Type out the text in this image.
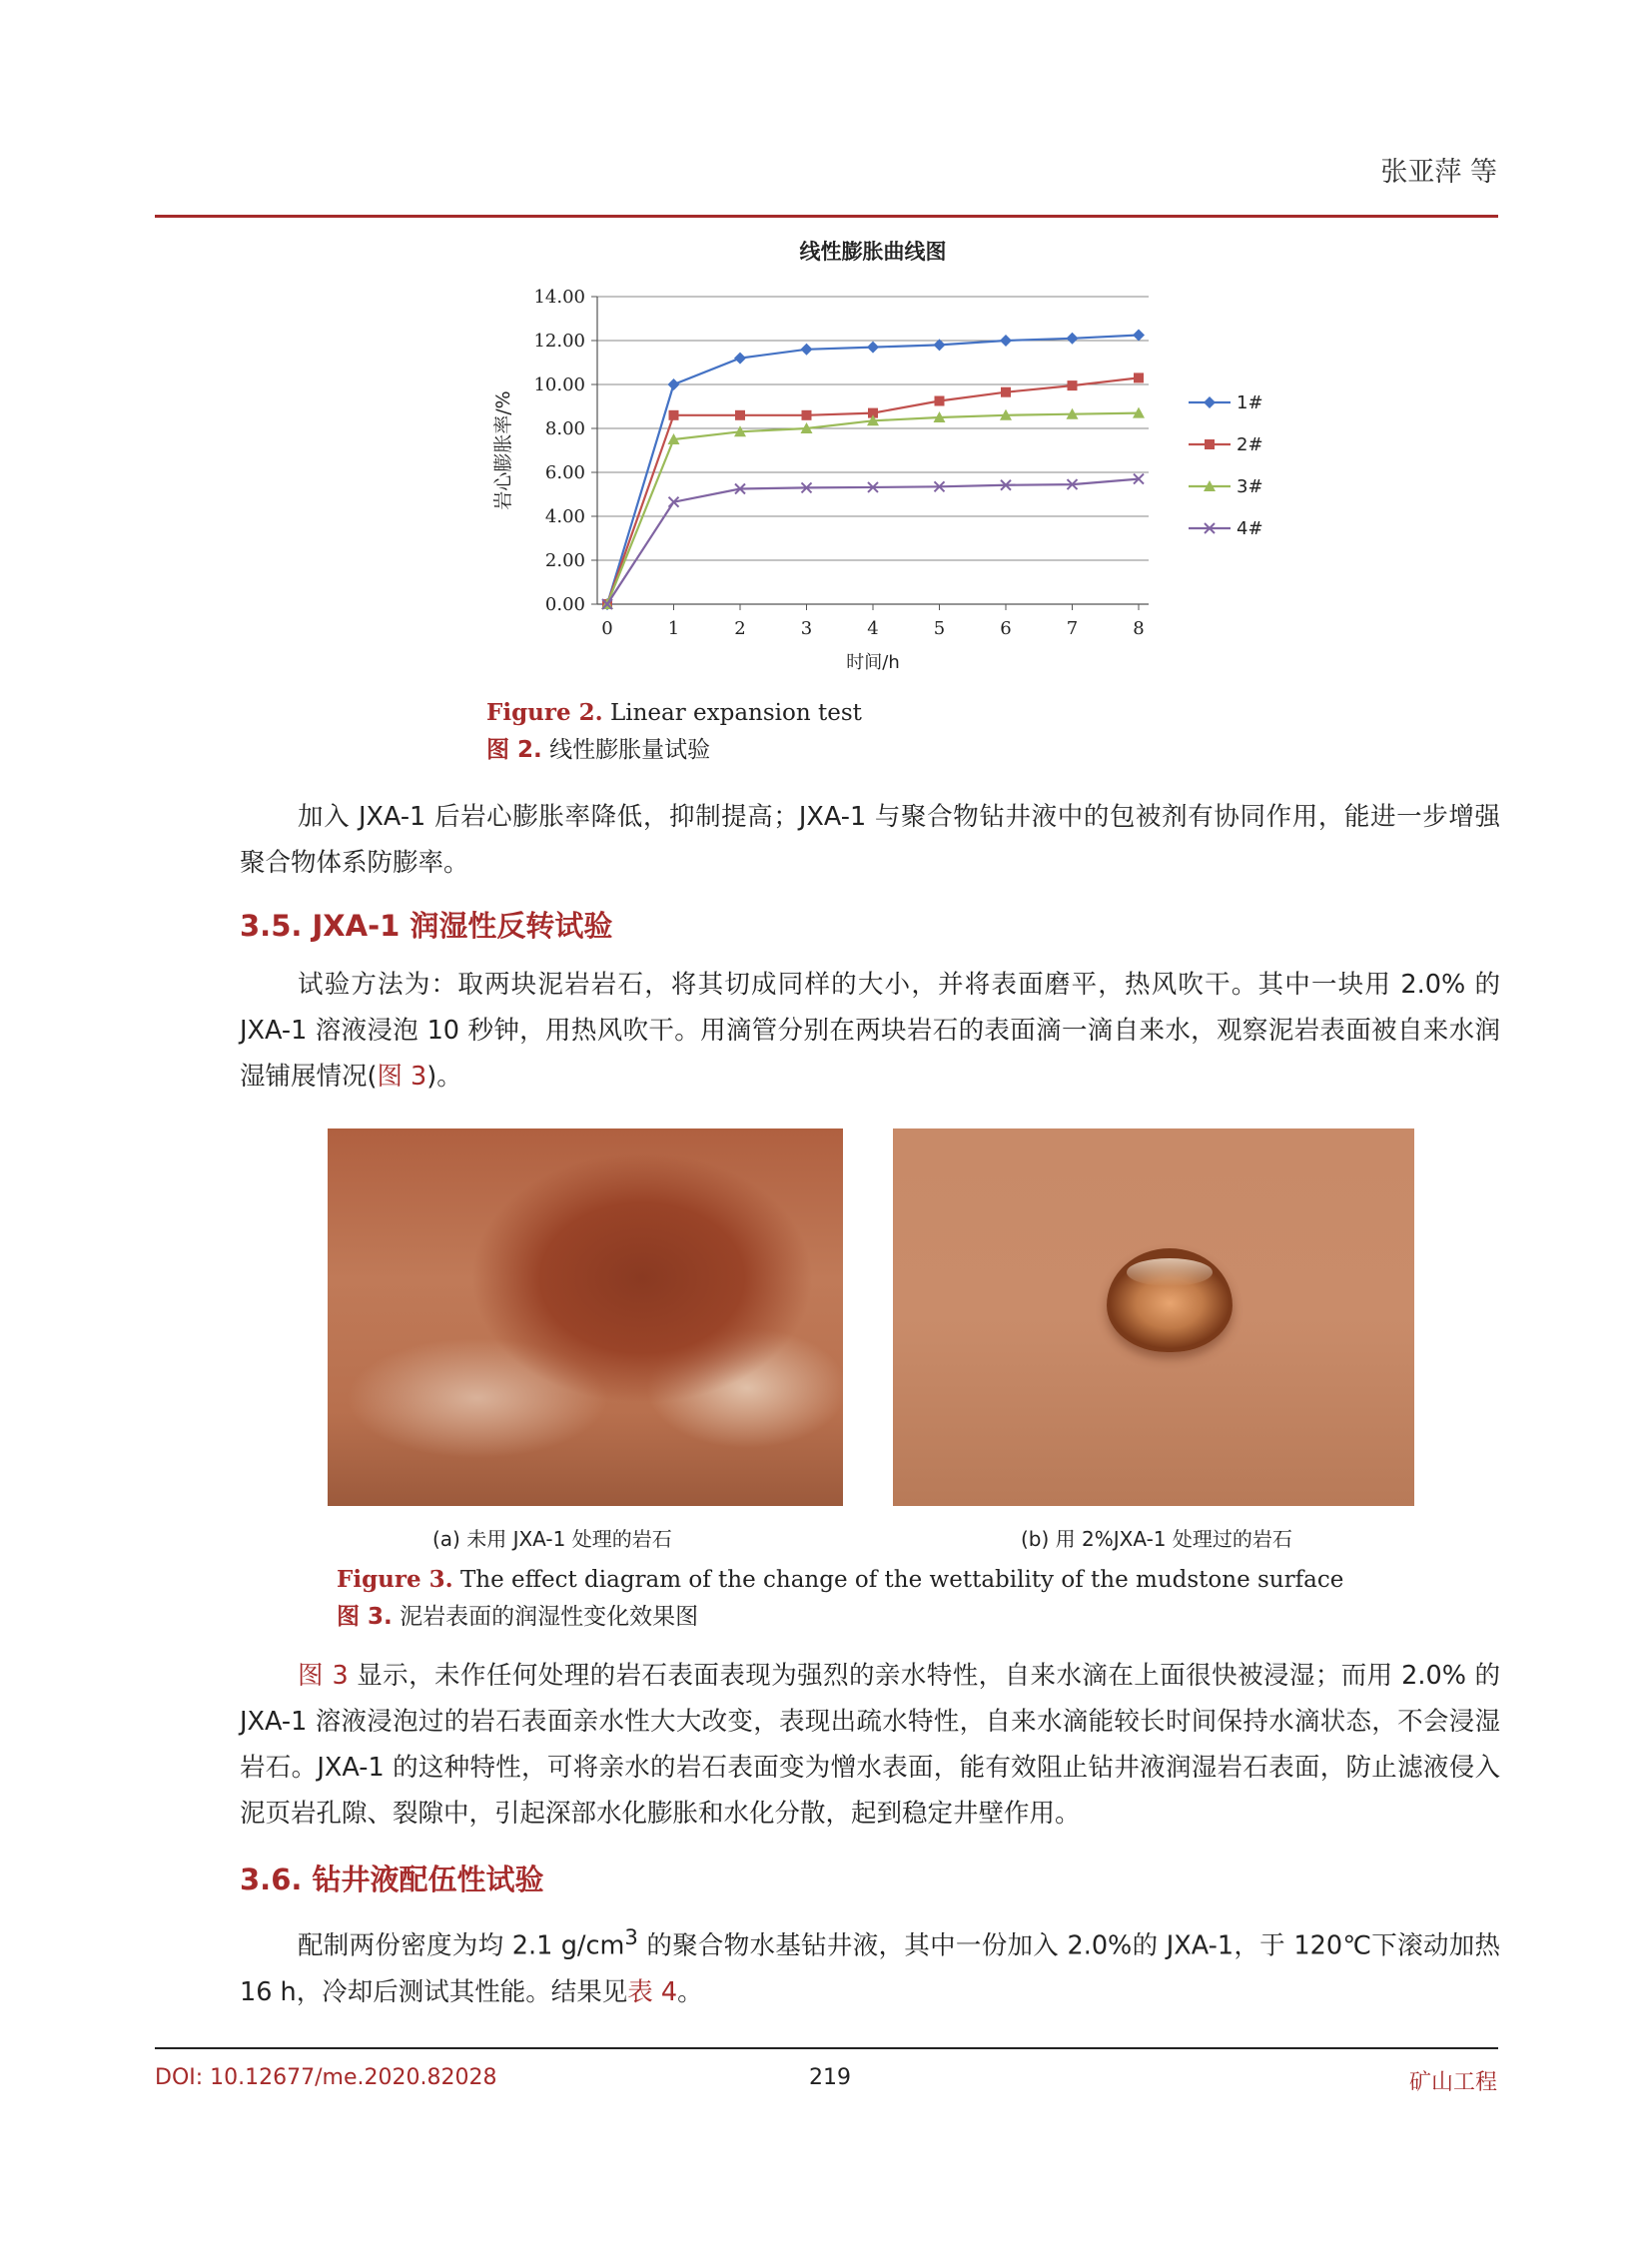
张亚萍 等
线性膨胀曲线图
0.00
2.00
4.00
6.00
8.00
10.00
12.00
14.00
0	1	2	3	4	5	6	7	8
时间/h
岩心膨胀率/%	1#
2#
3#
4#
Figure 2. Linear expansion test
图 2. 线性膨胀量试验
加入 JXA-1 后岩心膨胀率降低，抑制提高；JXA-1 与聚合物钻井液中的包被剂有协同作用，能进一步增强聚合物体系防膨率。
3.5. JXA-1 润湿性反转试验
试验方法为：取两块泥岩岩石，将其切成同样的大小，并将表面磨平，热风吹干。其中一块用 2.0% 的 JXA-1 溶液浸泡 10 秒钟，用热风吹干。用滴管分别在两块岩石的表面滴一滴自来水，观察泥岩表面被自来水润湿铺展情况(图 3)。
(a) 未用 JXA-1 处理的岩石	(b) 用 2%JXA-1 处理过的岩石
Figure 3. The effect diagram of the change of the wettability of the mudstone surface
图 3. 泥岩表面的润湿性变化效果图
图 3 显示，未作任何处理的岩石表面表现为强烈的亲水特性，自来水滴在上面很快被浸湿；而用 2.0% 的 JXA-1 溶液浸泡过的岩石表面亲水性大大改变，表现出疏水特性，自来水滴能较长时间保持水滴状态，不会浸湿岩石。JXA-1 的这种特性，可将亲水的岩石表面变为憎水表面，能有效阻止钻井液润湿岩石表面，防止滤液侵入泥页岩孔隙、裂隙中，引起深部水化膨胀和水化分散，起到稳定井壁作用。
3.6. 钻井液配伍性试验
配制两份密度为均 2.1 $g/cm^3$ 的聚合物水基钻井液，其中一份加入 2.0%的 JXA-1，于 120℃下滚动加热 16 h，冷却后测试其性能。结果见表 4。
DOI: 10.12677/me.2020.82028	219	矿山工程
